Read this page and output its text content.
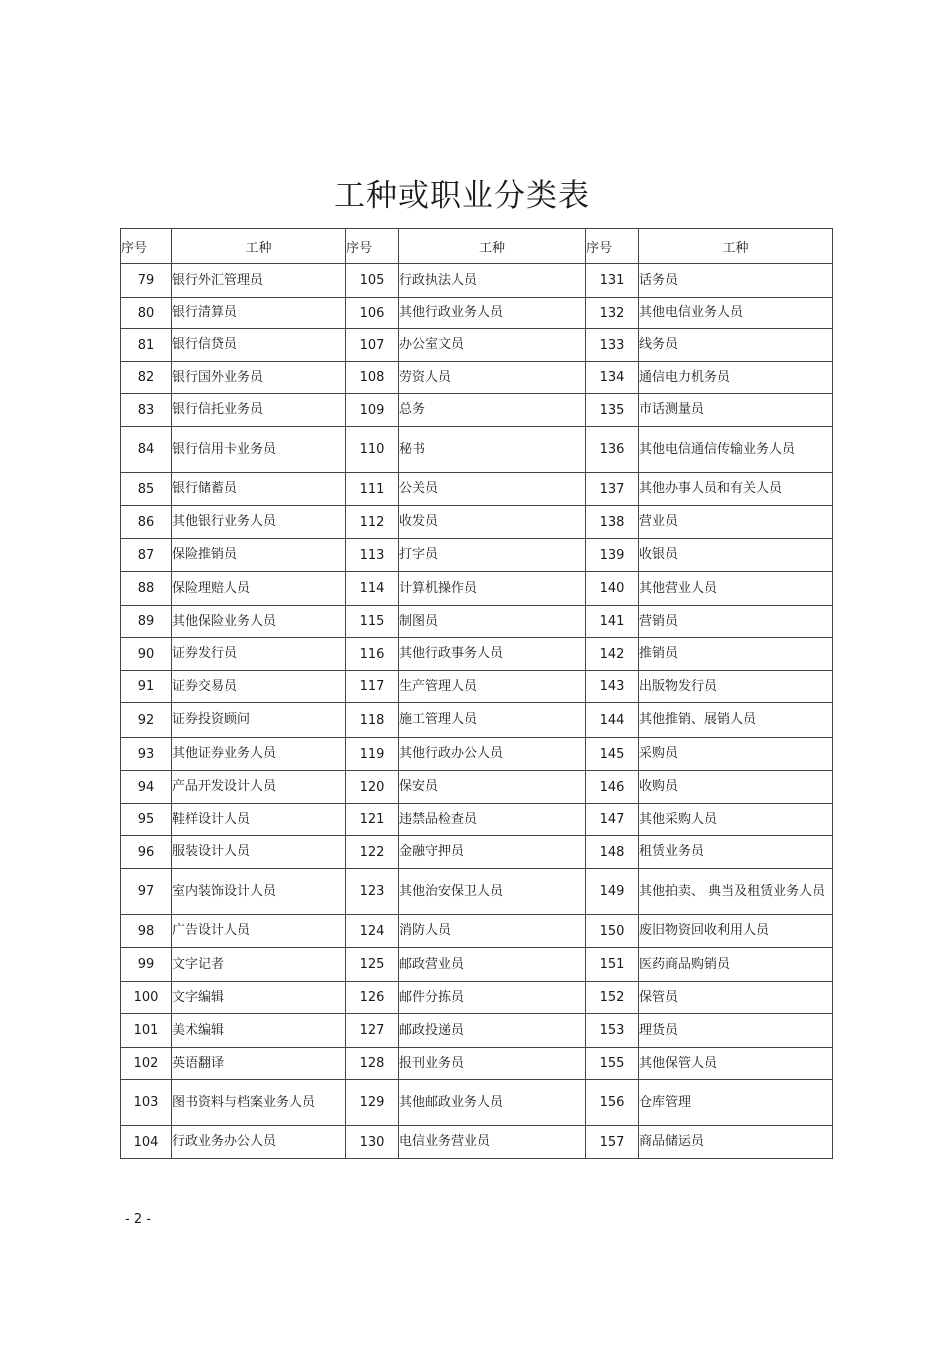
工种或职业分类表
序号	工种	序号	工种	序号	工种
79	银行外汇管理员	105	行政执法人员	131	话务员
80	银行清算员	106	其他行政业务人员	132	其他电信业务人员
81	银行信贷员	107	办公室文员	133	线务员
82	银行国外业务员	108	劳资人员	134	通信电力机务员
83	银行信托业务员	109	总务	135	市话测量员
84	银行信用卡业务员	110	秘书	136	其他电信通信传输业务人员
85	银行储蓄员	111	公关员	137	其他办事人员和有关人员
86	其他银行业务人员	112	收发员	138	营业员
87	保险推销员	113	打字员	139	收银员
88	保险理赔人员	114	计算机操作员	140	其他营业人员
89	其他保险业务人员	115	制图员	141	营销员
90	证券发行员	116	其他行政事务人员	142	推销员
91	证券交易员	117	生产管理人员	143	出版物发行员
92	证券投资顾问	118	施工管理人员	144	其他推销、展销人员
93	其他证券业务人员	119	其他行政办公人员	145	采购员
94	产品开发设计人员	120	保安员	146	收购员
95	鞋样设计人员	121	违禁品检查员	147	其他采购人员
96	服装设计人员	122	金融守押员	148	租赁业务员
97	室内装饰设计人员	123	其他治安保卫人员	149	其他拍卖、 典当及租赁业务人员
98	广告设计人员	124	消防人员	150	废旧物资回收利用人员
99	文字记者	125	邮政营业员	151	医药商品购销员
100	文字编辑	126	邮件分拣员	152	保管员
101	美术编辑	127	邮政投递员	153	理货员
102	英语翻译	128	报刊业务员	155	其他保管人员
103	图书资料与档案业务人员	129	其他邮政业务人员	156	仓库管理
104	行政业务办公人员	130	电信业务营业员	157	商品储运员
- 2 -
